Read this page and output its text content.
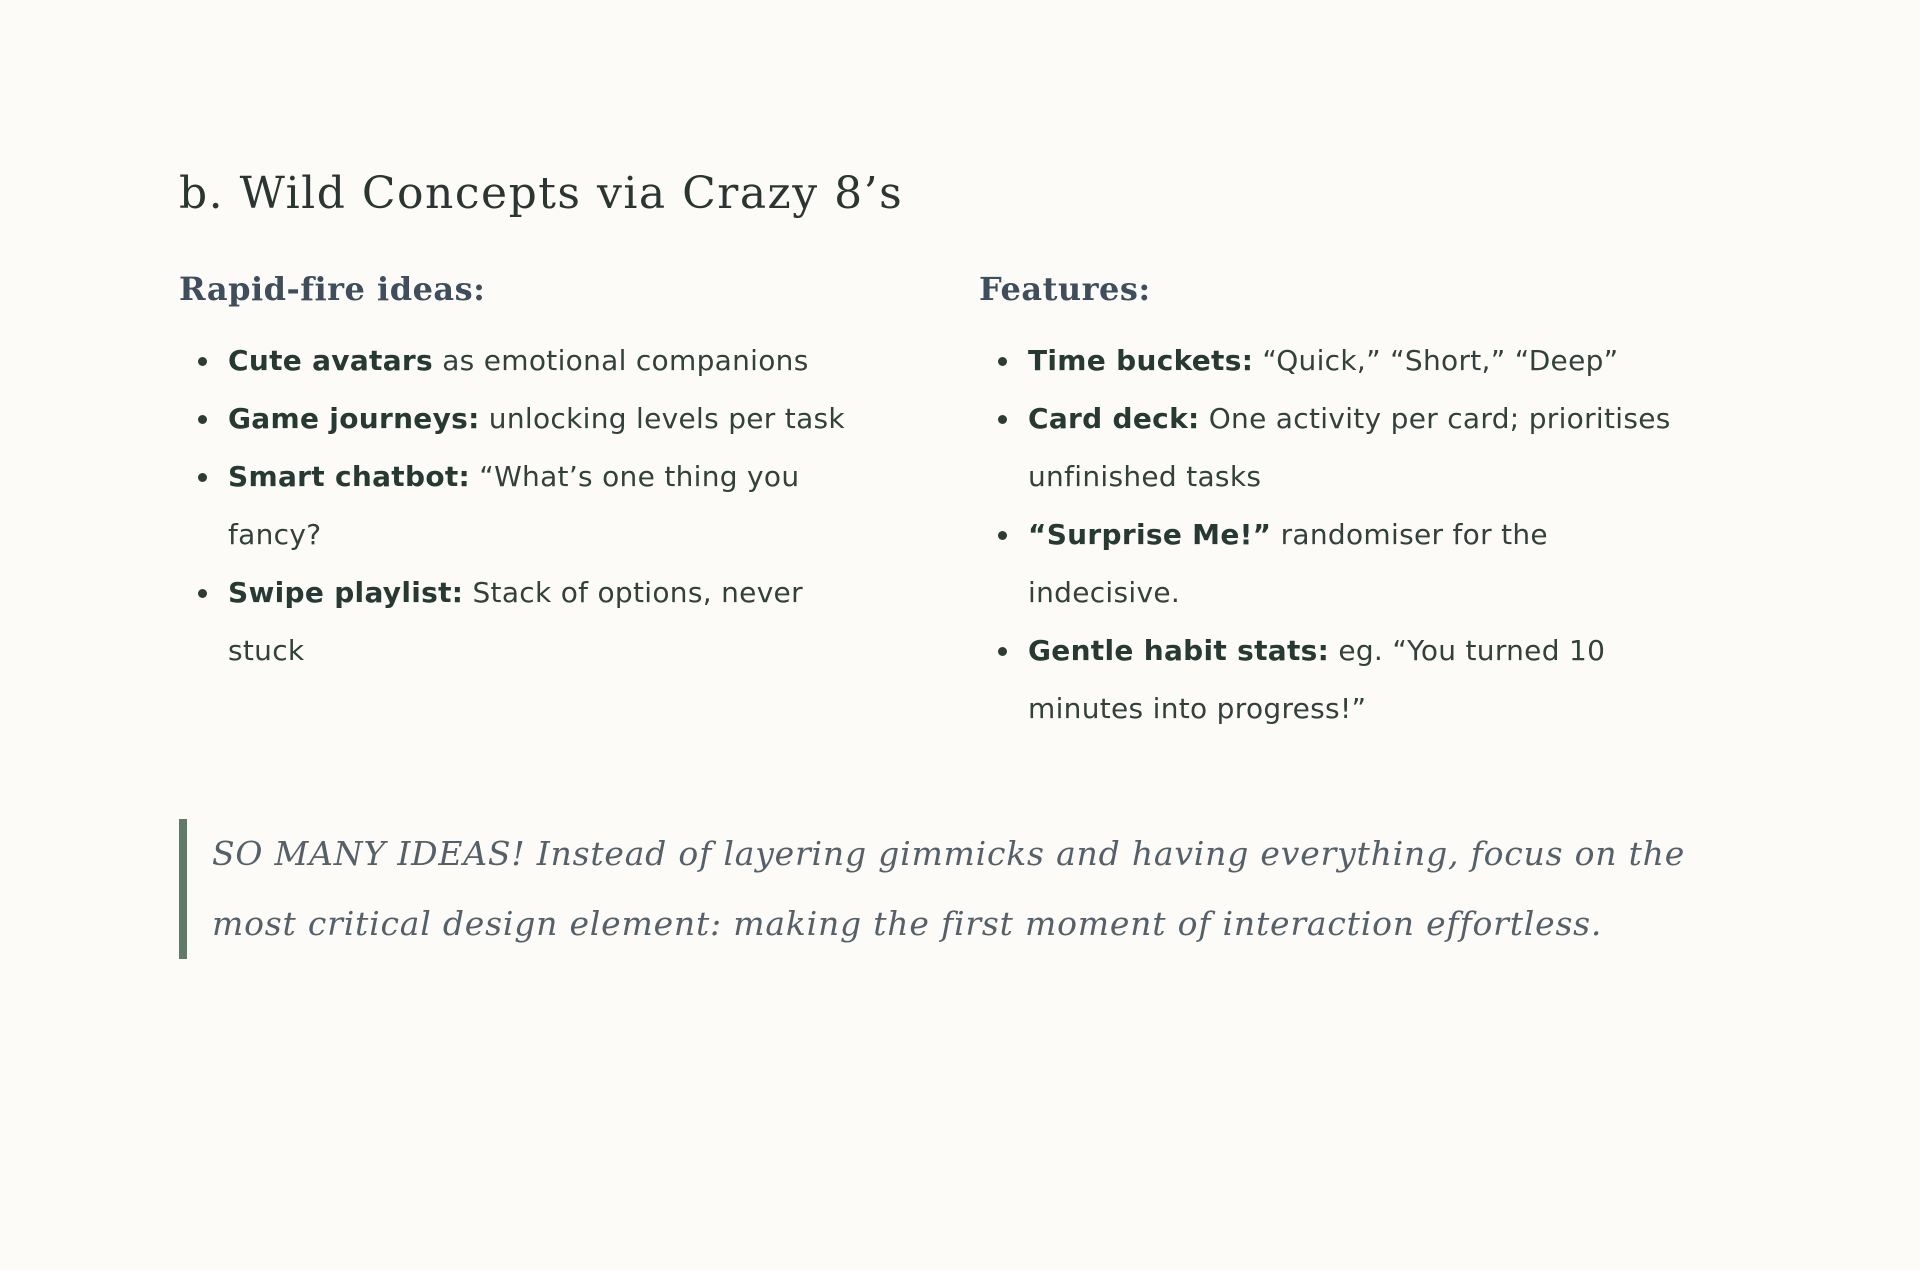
b. Wild Concepts via Crazy 8’s
Rapid-fire ideas:
Cute avatars as emotional companions
Game journeys: unlocking levels per task
Smart chatbot: “What’s one thing you fancy?
Swipe playlist: Stack of options, never stuck
Features:
Time buckets: “Quick,” “Short,” “Deep”
Card deck: One activity per card; prioritises unfinished tasks
“Surprise Me!” randomiser for the indecisive.
Gentle habit stats: eg. “You turned 10 minutes into progress!”

SO MANY IDEAS! Instead of layering gimmicks and having everything, focus on the most critical design element: making the first moment of interaction effortless.
